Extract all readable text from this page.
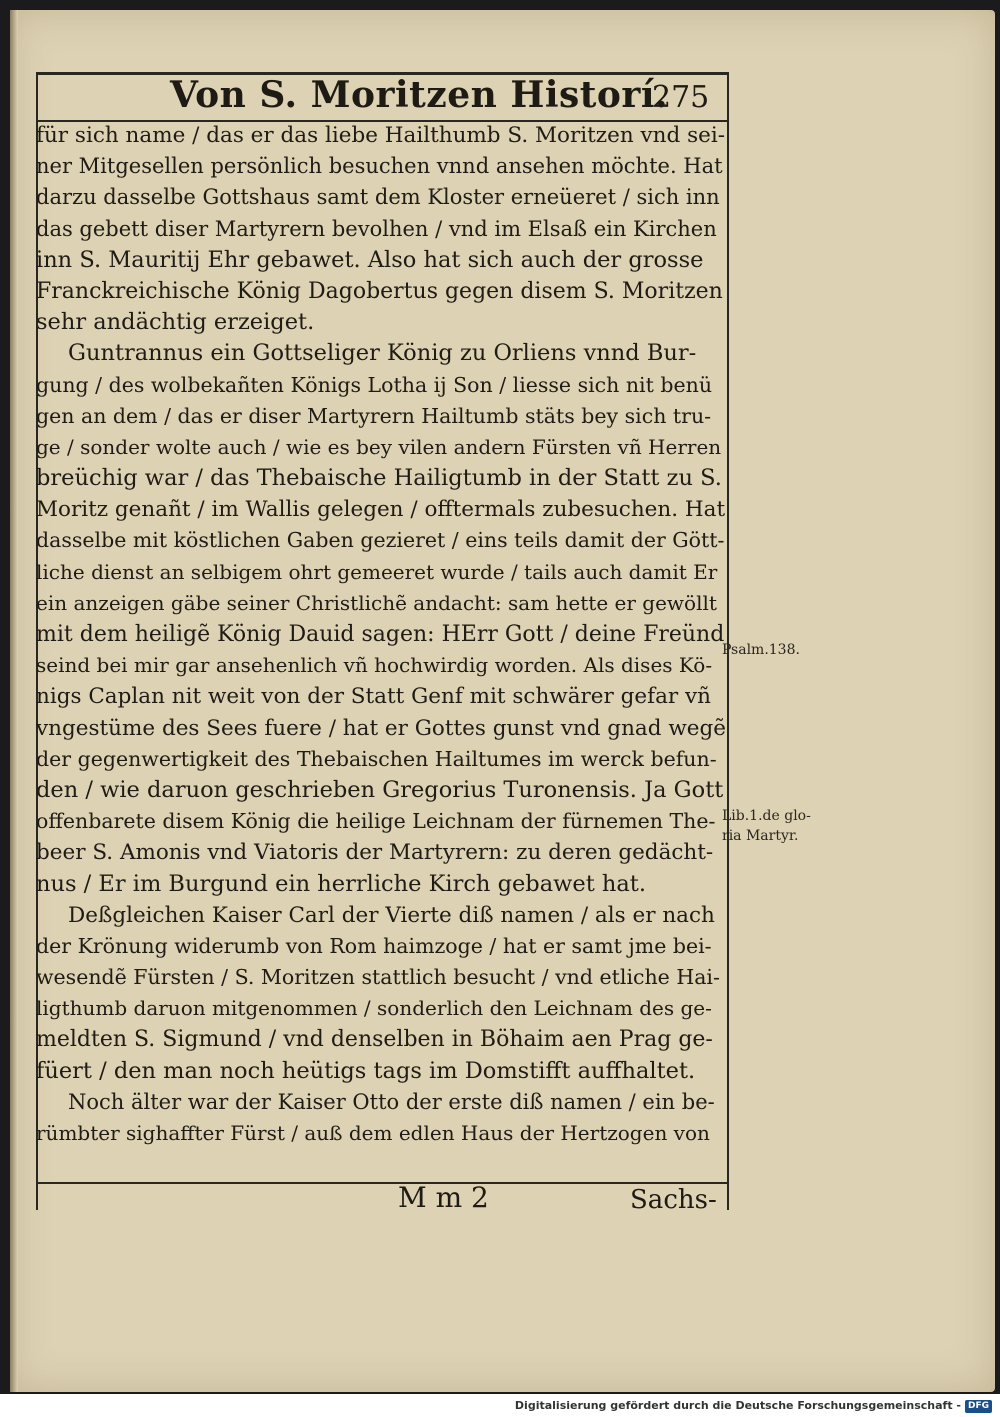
Von S. Moritzen Historí.
275
für sich name / das er das liebe Hailthumb S. Moritzen vnd sei-
ner Mitgesellen persönlich besuchen vnnd ansehen möchte. Hat
darzu dasselbe Gottshaus samt dem Kloster erneüeret / sich inn
das gebett diser Martyrern bevolhen / vnd im Elsaß ein Kirchen
inn S. Mauritij Ehr gebawet. Also hat sich auch der grosse
Franckreichische König Dagobertus gegen disem S. Moritzen
sehr andächtig erzeiget.
Guntrannus ein Gottseliger König zu Orliens vnnd Bur-
gung / des wolbekañten Königs Lotha ij Son / liesse sich nit benü
gen an dem / das er diser Martyrern Hailtumb stäts bey sich tru-
ge / sonder wolte auch / wie es bey vilen andern Fürsten vñ Herren
breüchig war / das Thebaische Hailigtumb in der Statt zu S.
Moritz genañt / im Wallis gelegen / offtermals zubesuchen. Hat
dasselbe mit köstlichen Gaben gezieret / eins teils damit der Gött-
liche dienst an selbigem ohrt gemeeret wurde / tails auch damit Er
ein anzeigen gäbe seiner Christlichẽ andacht: sam hette er gewöllt
mit dem heiligẽ König Dauid sagen: HErr Gott / deine Freünd
seind bei mir gar ansehenlich vñ hochwirdig worden. Als dises Kö-
nigs Caplan nit weit von der Statt Genf mit schwärer gefar vñ
vngestüme des Sees fuere / hat er Gottes gunst vnd gnad wegẽ
der gegenwertigkeit des Thebaischen Hailtumes im werck befun-
den / wie daruon geschrieben Gregorius Turonensis. Ja Gott
offenbarete disem König die heilige Leichnam der fürnemen The-
beer S. Amonis vnd Viatoris der Martyrern: zu deren gedächt-
nus / Er im Burgund ein herrliche Kirch gebawet hat.
Deßgleichen Kaiser Carl der Vierte diß namen / als er nach
der Krönung widerumb von Rom haimzoge / hat er samt jme bei-
wesendẽ Fürsten / S. Moritzen stattlich besucht / vnd etliche Hai-
ligthumb daruon mitgenommen / sonderlich den Leichnam des ge-
meldten S. Sigmund / vnd denselben in Böhaim aen Prag ge-
füert / den man noch heütigs tags im Domstifft auffhaltet.
Noch älter war der Kaiser Otto der erste diß namen / ein be-
rümbter sighaffter Fürst / auß dem edlen Haus der Hertzogen von
Psalm.138.
Lib.1.de glo-
ria Martyr.
M m 2	Sachs-
Digitalisierung gefördert durch die Deutsche Forschungsgemeinschaft - DFG
